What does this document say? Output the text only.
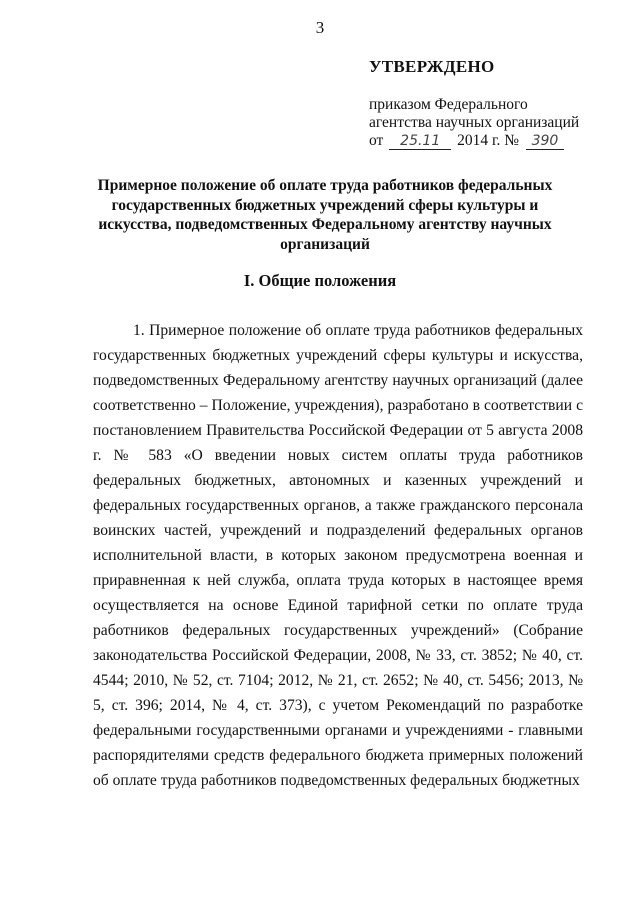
3
УТВЕРЖДЕНО
приказом Федерального
агентства научных организаций
от 25.11 2014 г. № 390
Примерное положение об оплате труда работников федеральных государственных бюджетных учреждений сферы культуры и искусства, подведомственных Федеральному агентству научных организаций
I. Общие положения

1. Примерное положение об оплате труда работников федеральных государственных бюджетных учреждений сферы культуры и искусства, подведомственных Федеральному агентству научных организаций (далее соответственно – Положение, учреждения), разработано в соответствии с постановлением Правительства Российской Федерации от 5 августа 2008 г. № 583 «О введении новых систем оплаты труда работников федеральных бюджетных, автономных и казенных учреждений и федеральных государственных органов, а также гражданского персонала воинских частей, учреждений и подразделений федеральных органов исполнительной власти, в которых законом предусмотрена военная и приравненная к ней служба, оплата труда которых в настоящее время осуществляется на основе Единой тарифной сетки по оплате труда работников федеральных государственных учреждений» (Собрание законодательства Российской Федерации, 2008, № 33, ст. 3852; № 40, ст. 4544; 2010, № 52, ст. 7104; 2012, № 21, ст. 2652; № 40, ст. 5456; 2013, № 5, ст. 396; 2014, № 4, ст. 373), с учетом Рекомендаций по разработке федеральными государственными органами и учреждениями - главными распорядителями средств федерального бюджета примерных положений об оплате труда работников подведомственных федеральных бюджетных
